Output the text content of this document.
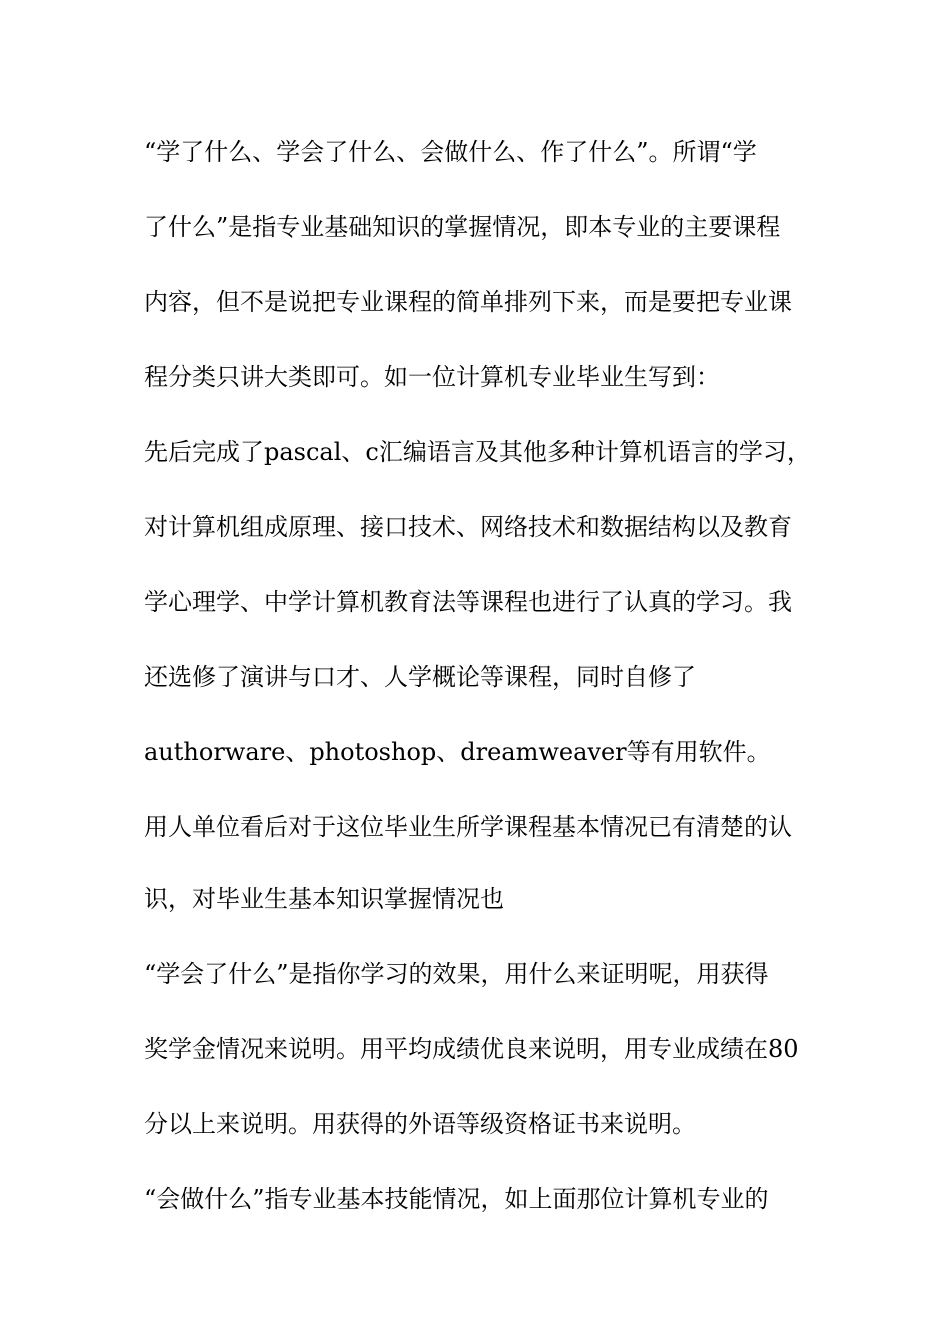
“学了什么、学会了什么、会做什么、作了什么”。所谓“学
了什么”是指专业基础知识的掌握情况，即本专业的主要课程
内容，但不是说把专业课程的简单排列下来，而是要把专业课
程分类只讲大类即可。如一位计算机专业毕业生写到：
先后完成了pascal、c汇编语言及其他多种计算机语言的学习，
对计算机组成原理、接口技术、网络技术和数据结构以及教育
学心理学、中学计算机教育法等课程也进行了认真的学习。我
还选修了演讲与口才、人学概论等课程，同时自修了
authorware、photoshop、dreamweaver等有用软件。
用人单位看后对于这位毕业生所学课程基本情况已有清楚的认
识，对毕业生基本知识掌握情况也
“学会了什么”是指你学习的效果，用什么来证明呢，用获得
奖学金情况来说明。用平均成绩优良来说明，用专业成绩在80
分以上来说明。用获得的外语等级资格证书来说明。
“会做什么”指专业基本技能情况，如上面那位计算机专业的
